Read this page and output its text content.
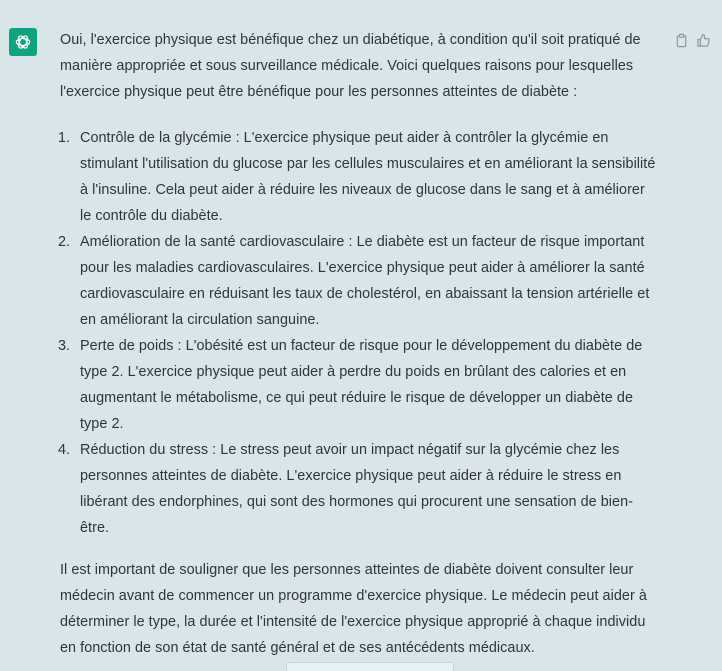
Oui, l'exercice physique est bénéfique chez un diabétique, à condition qu'il soit pratiqué de manière appropriée et sous surveillance médicale. Voici quelques raisons pour lesquelles l'exercice physique peut être bénéfique pour les personnes atteintes de diabète :

1. Contrôle de la glycémie : L'exercice physique peut aider à contrôler la glycémie en stimulant l'utilisation du glucose par les cellules musculaires et en améliorant la sensibilité à l'insuline. Cela peut aider à réduire les niveaux de glucose dans le sang et à améliorer le contrôle du diabète.
2. Amélioration de la santé cardiovasculaire : Le diabète est un facteur de risque important pour les maladies cardiovasculaires. L'exercice physique peut aider à améliorer la santé cardiovasculaire en réduisant les taux de cholestérol, en abaissant la tension artérielle et en améliorant la circulation sanguine.
3. Perte de poids : L'obésité est un facteur de risque pour le développement du diabète de type 2. L'exercice physique peut aider à perdre du poids en brûlant des calories et en augmentant le métabolisme, ce qui peut réduire le risque de développer un diabète de type 2.
4. Réduction du stress : Le stress peut avoir un impact négatif sur la glycémie chez les personnes atteintes de diabète. L'exercice physique peut aider à réduire le stress en libérant des endorphines, qui sont des hormones qui procurent une sensation de bien-être.

Il est important de souligner que les personnes atteintes de diabète doivent consulter leur médecin avant de commencer un programme d'exercice physique. Le médecin peut aider à déterminer le type, la durée et l'intensité de l'exercice physique approprié à chaque individu en fonction de son état de santé général et de ses antécédents médicaux.
